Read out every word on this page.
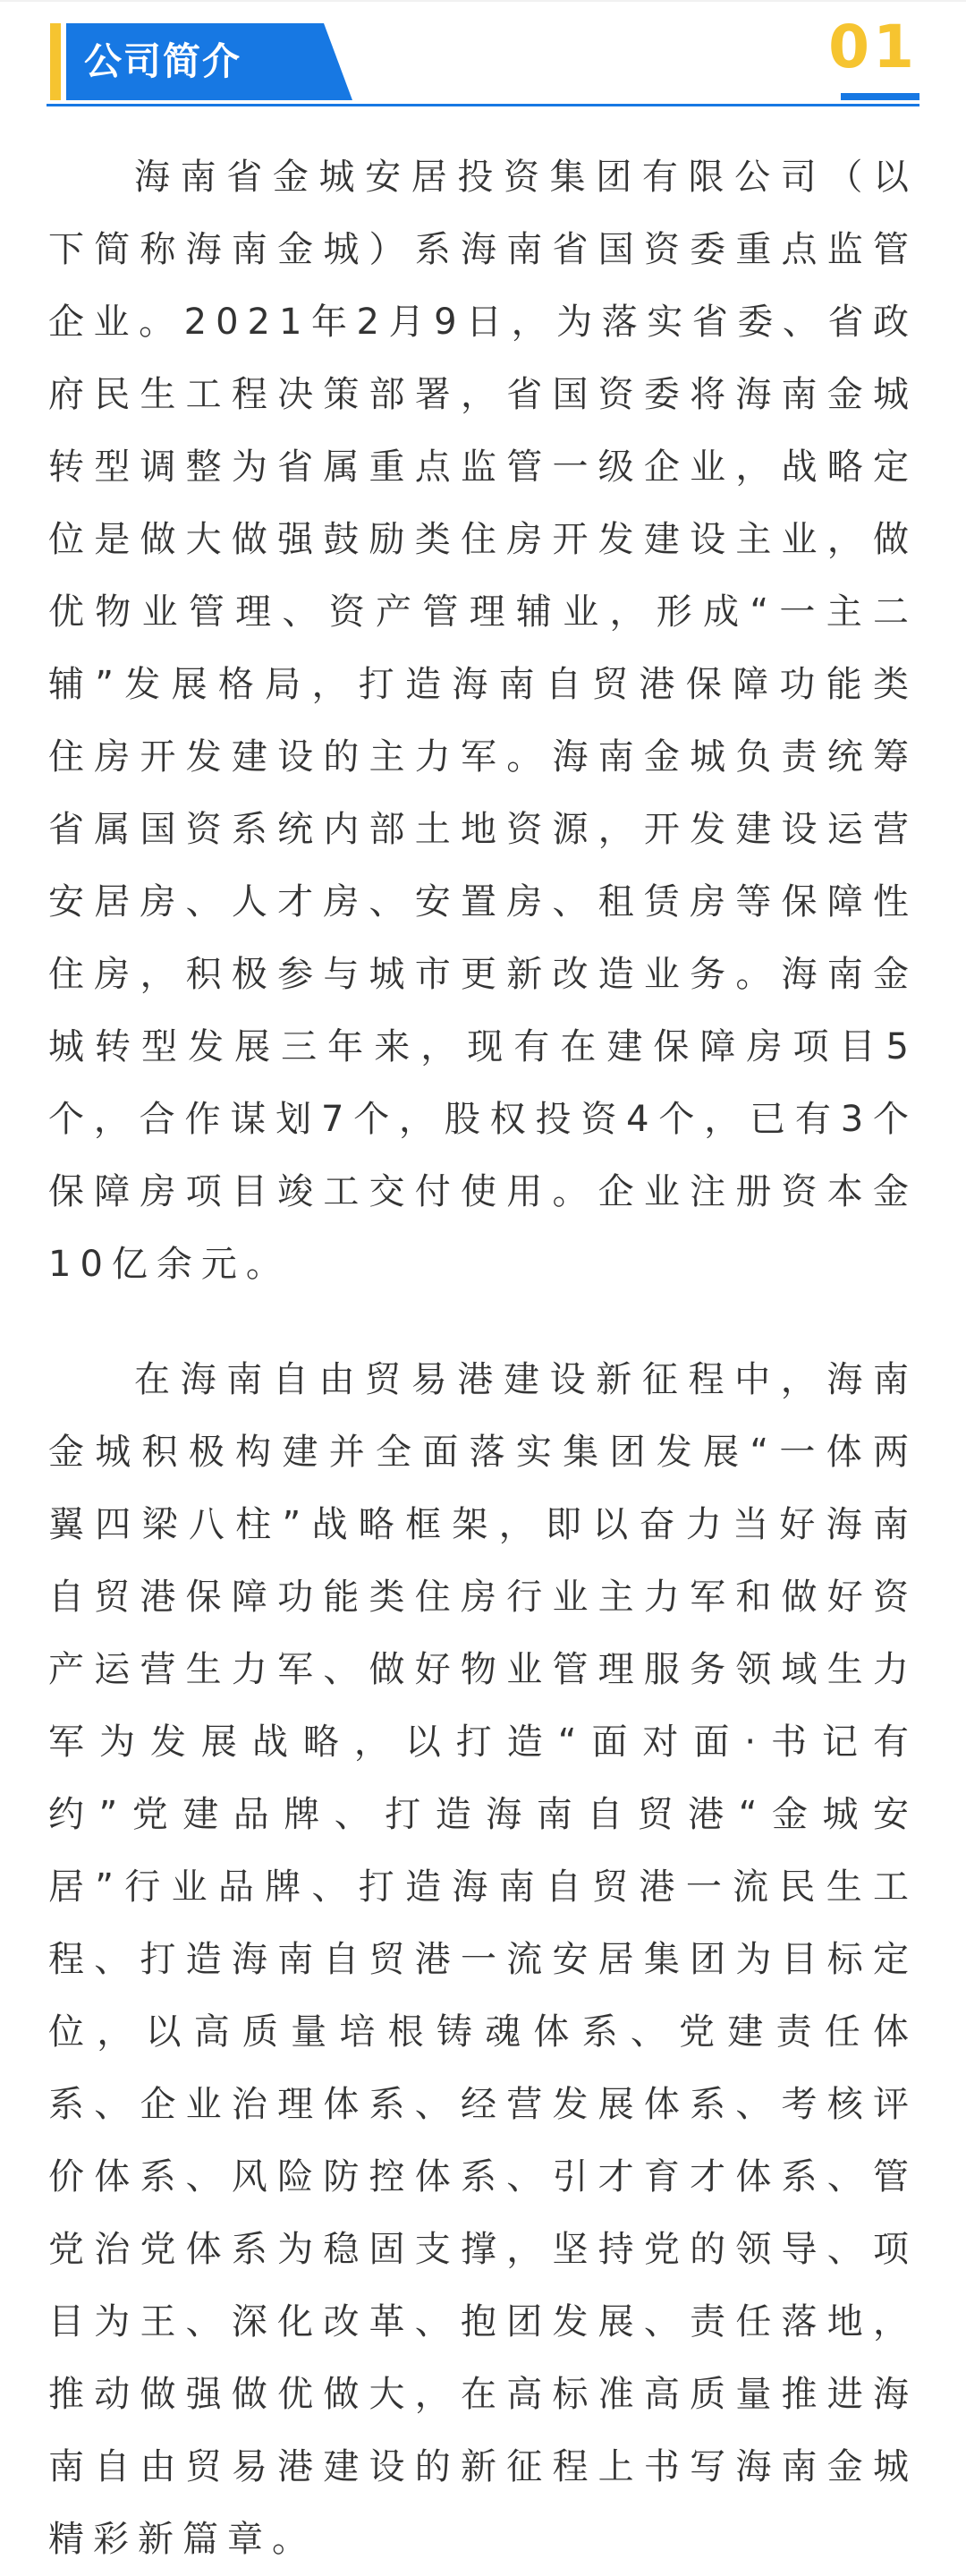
公司简介	01

海南省金城安居投资集团有限公司（以下简称海南金城）系海南省国资委重点监管企业。2021年2月9日，为落实省委、省政府民生工程决策部署，省国资委将海南金城转型调整为省属重点监管一级企业，战略定位是做大做强鼓励类住房开发建设主业，做优物业管理、资产管理辅业，形成“一主二辅”发展格局，打造海南自贸港保障功能类住房开发建设的主力军。海南金城负责统筹省属国资系统内部土地资源，开发建设运营安居房、人才房、安置房、租赁房等保障性住房，积极参与城市更新改造业务。海南金城转型发展三年来，现有在建保障房项目5个，合作谋划7个，股权投资4个，已有3个保障房项目竣工交付使用。企业注册资本金10亿余元。

在海南自由贸易港建设新征程中，海南金城积极构建并全面落实集团发展“一体两翼四梁八柱”战略框架，即以奋力当好海南自贸港保障功能类住房行业主力军和做好资产运营生力军、做好物业管理服务领域生力军为发展战略，以打造“面对面·书记有约”党建品牌、打造海南自贸港“金城安居”行业品牌、打造海南自贸港一流民生工程、打造海南自贸港一流安居集团为目标定位，以高质量培根铸魂体系、党建责任体系、企业治理体系、经营发展体系、考核评价体系、风险防控体系、引才育才体系、管党治党体系为稳固支撑，坚持党的领导、项目为王、深化改革、抱团发展、责任落地，推动做强做优做大，在高标准高质量推进海南自由贸易港建设的新征程上书写海南金城精彩新篇章。
